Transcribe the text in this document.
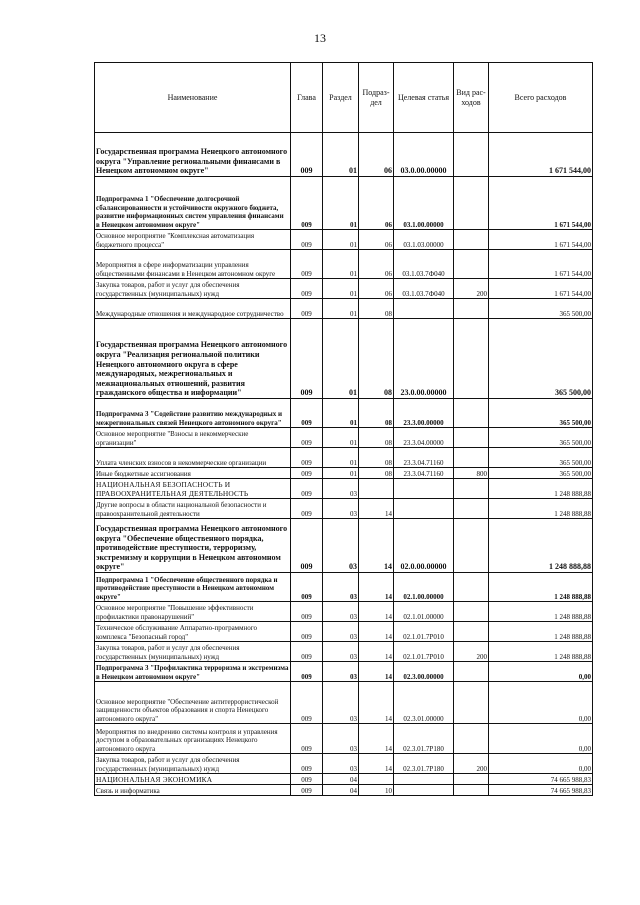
13
Наименование	Глава	Раздел	Подраз-дел	Целевая статья	Вид рас-ходов	Всего расходов
Государственная программа Ненецкого автономного округа "Управление региональными финансами в Ненецком автономном округе"	009	01	06	03.0.00.00000		1 671 544,00
Подпрограмма 1 "Обеспечение долгосрочной сбалансированности и устойчивости окружного бюджета, развитие информационных систем управления финансами в Ненецком автономном округе"	009	01	06	03.1.00.00000		1 671 544,00
Основное мероприятие "Комплексная автоматизация бюджетного процесса"	009	01	06	03.1.03.00000		1 671 544,00
Мероприятия в сфере информатизации управления общественными финансами в Ненецком автономном округе	009	01	06	03.1.03.7Ф040		1 671 544,00
Закупка товаров, работ и услуг для обеспечения государственных (муниципальных) нужд	009	01	06	03.1.03.7Ф040	200	1 671 544,00
Международные отношения и международное сотрудничество	009	01	08			365 500,00
Государственная программа Ненецкого автономного округа "Реализация региональной политики Ненецкого автономного округа в сфере международных, межрегиональных и межнациональных отношений, развития гражданского общества и информации"	009	01	08	23.0.00.00000		365 500,00
Подпрограмма 3 "Содействие развитию международных и межрегиональных связей Ненецкого автономного округа"	009	01	08	23.3.00.00000		365 500,00
Основное мероприятие "Взносы в некоммерческие организации"	009	01	08	23.3.04.00000		365 500,00
Уплата членских взносов в некоммерческие организации	009	01	08	23.3.04.71160		365 500,00
Иные бюджетные ассигнования	009	01	08	23.3.04.71160	800	365 500,00
НАЦИОНАЛЬНАЯ БЕЗОПАСНОСТЬ И ПРАВООХРАНИТЕЛЬНАЯ ДЕЯТЕЛЬНОСТЬ	009	03				1 248 888,88
Другие вопросы в области национальной безопасности и правоохранительной деятельности	009	03	14			1 248 888,88
Государственная программа Ненецкого автономного округа "Обеспечение общественного порядка, противодействие преступности, терроризму, экстремизму и коррупции в Ненецком автономном округе"	009	03	14	02.0.00.00000		1 248 888,88
Подпрограмма 1 "Обеспечение общественного порядка и противодействие преступности в Ненецком автономном округе"	009	03	14	02.1.00.00000		1 248 888,88
Основное мероприятие "Повышение эффективности профилактики правонарушений"	009	03	14	02.1.01.00000		1 248 888,88
Техническое обслуживание Аппаратно-программного комплекса "Безопасный город"	009	03	14	02.1.01.7Р010		1 248 888,88
Закупка товаров, работ и услуг для обеспечения государственных (муниципальных) нужд	009	03	14	02.1.01.7Р010	200	1 248 888,88
Подпрограмма 3 "Профилактика терроризма и экстремизма в Ненецком автономном округе"	009	03	14	02.3.00.00000		0,00
Основное мероприятие "Обеспечение антитеррористической защищенности объектов образования и спорта Ненецкого автономного округа"	009	03	14	02.3.01.00000		0,00
Мероприятия по внедрению системы контроля и управления доступом в образовательных организациях Ненецкого автономного округа	009	03	14	02.3.01.7Р180		0,00
Закупка товаров, работ и услуг для обеспечения государственных (муниципальных) нужд	009	03	14	02.3.01.7Р180	200	0,00
НАЦИОНАЛЬНАЯ ЭКОНОМИКА	009	04				74 665 988,83
Связь и информатика	009	04	10			74 665 988,83
